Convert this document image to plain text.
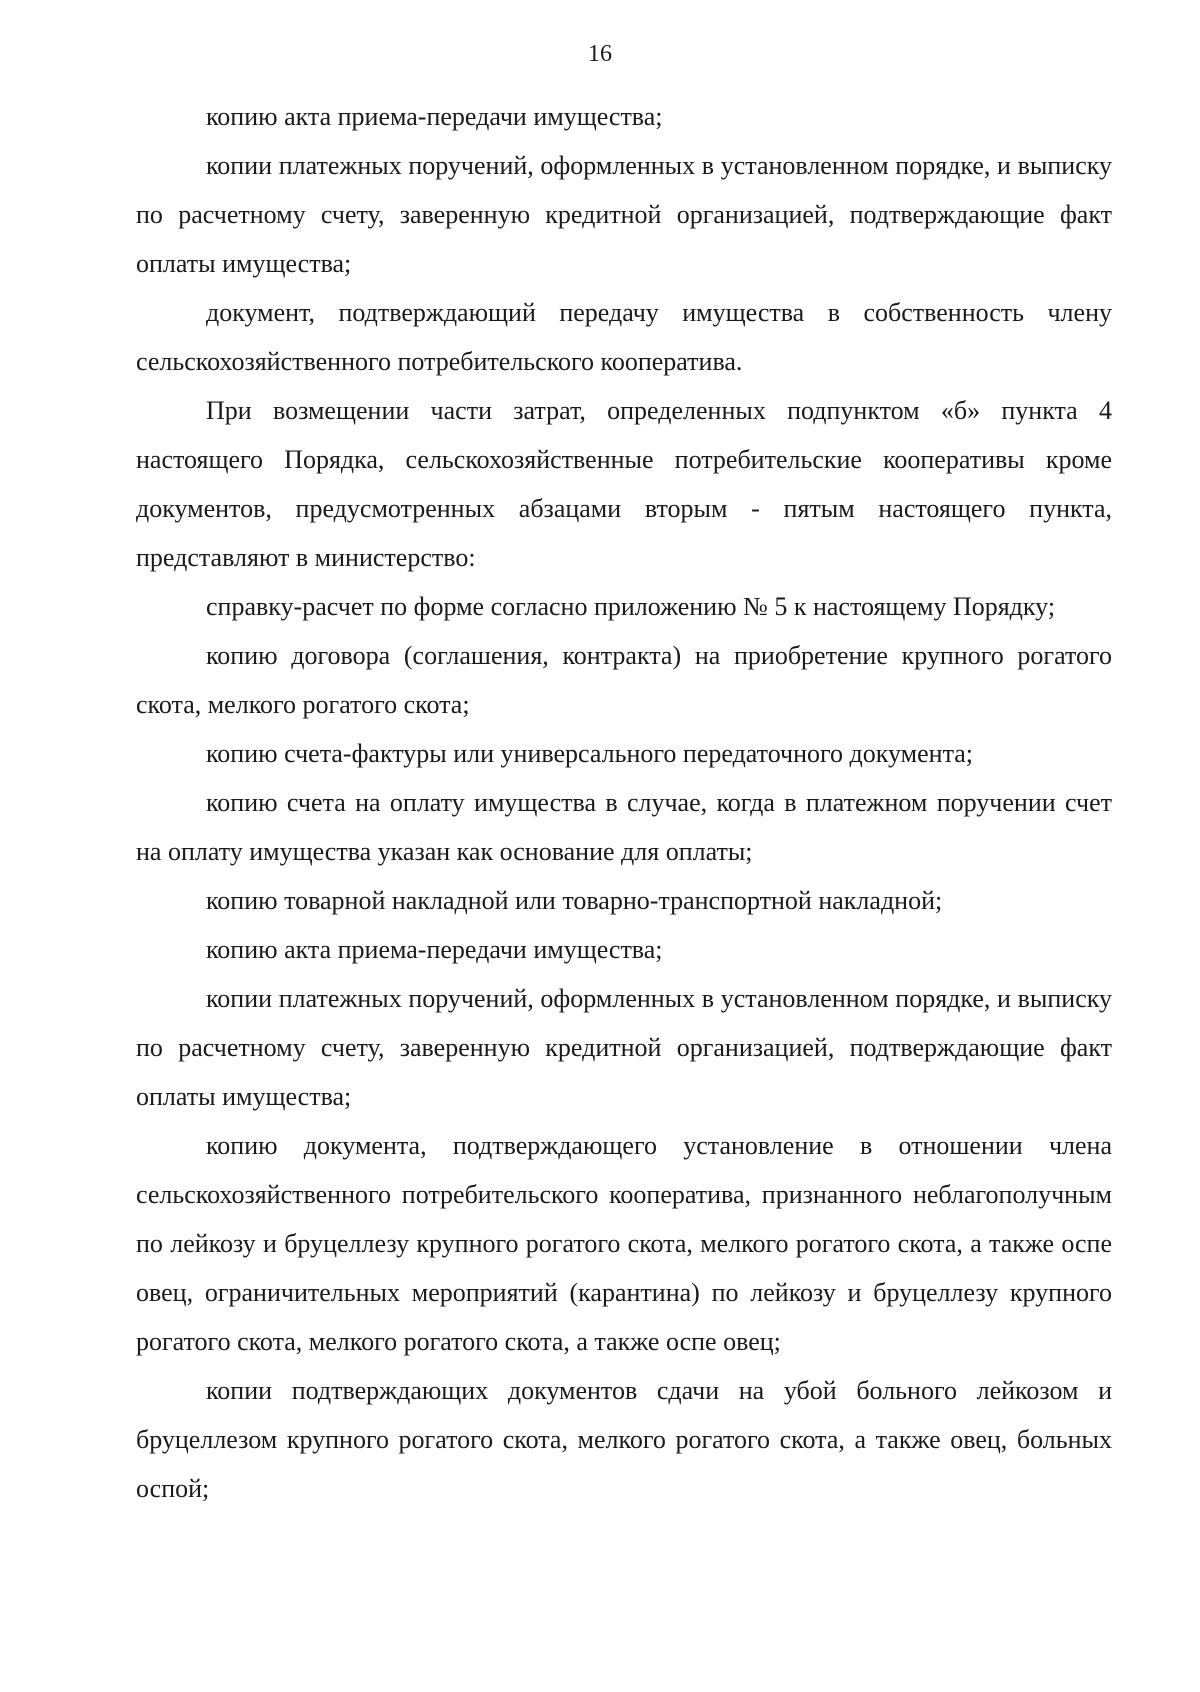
16

копию акта приема-передачи имущества;

копии платежных поручений, оформленных в установленном порядке, и выписку по расчетному счету, заверенную кредитной организацией, подтверждающие факт оплаты имущества;

документ, подтверждающий передачу имущества в собственность члену сельскохозяйственного потребительского кооператива.

При возмещении части затрат, определенных подпунктом «б» пункта 4 настоящего Порядка, сельскохозяйственные потребительские кооперативы кроме документов, предусмотренных абзацами вторым - пятым настоящего пункта, представляют в министерство:

справку-расчет по форме согласно приложению № 5 к настоящему Порядку;

копию договора (соглашения, контракта) на приобретение крупного рогатого скота, мелкого рогатого скота;

копию счета-фактуры или универсального передаточного документа;

копию счета на оплату имущества в случае, когда в платежном поручении счет на оплату имущества указан как основание для оплаты;

копию товарной накладной или товарно-транспортной накладной;

копию акта приема-передачи имущества;

копии платежных поручений, оформленных в установленном порядке, и выписку по расчетному счету, заверенную кредитной организацией, подтверждающие факт оплаты имущества;

копию документа, подтверждающего установление в отношении члена сельскохозяйственного потребительского кооператива, признанного неблагополучным по лейкозу и бруцеллезу крупного рогатого скота, мелкого рогатого скота, а также оспе овец, ограничительных мероприятий (карантина) по лейкозу и бруцеллезу крупного рогатого скота, мелкого рогатого скота, а также оспе овец;

копии подтверждающих документов сдачи на убой больного лейкозом и бруцеллезом крупного рогатого скота, мелкого рогатого скота, а также овец, больных оспой;
